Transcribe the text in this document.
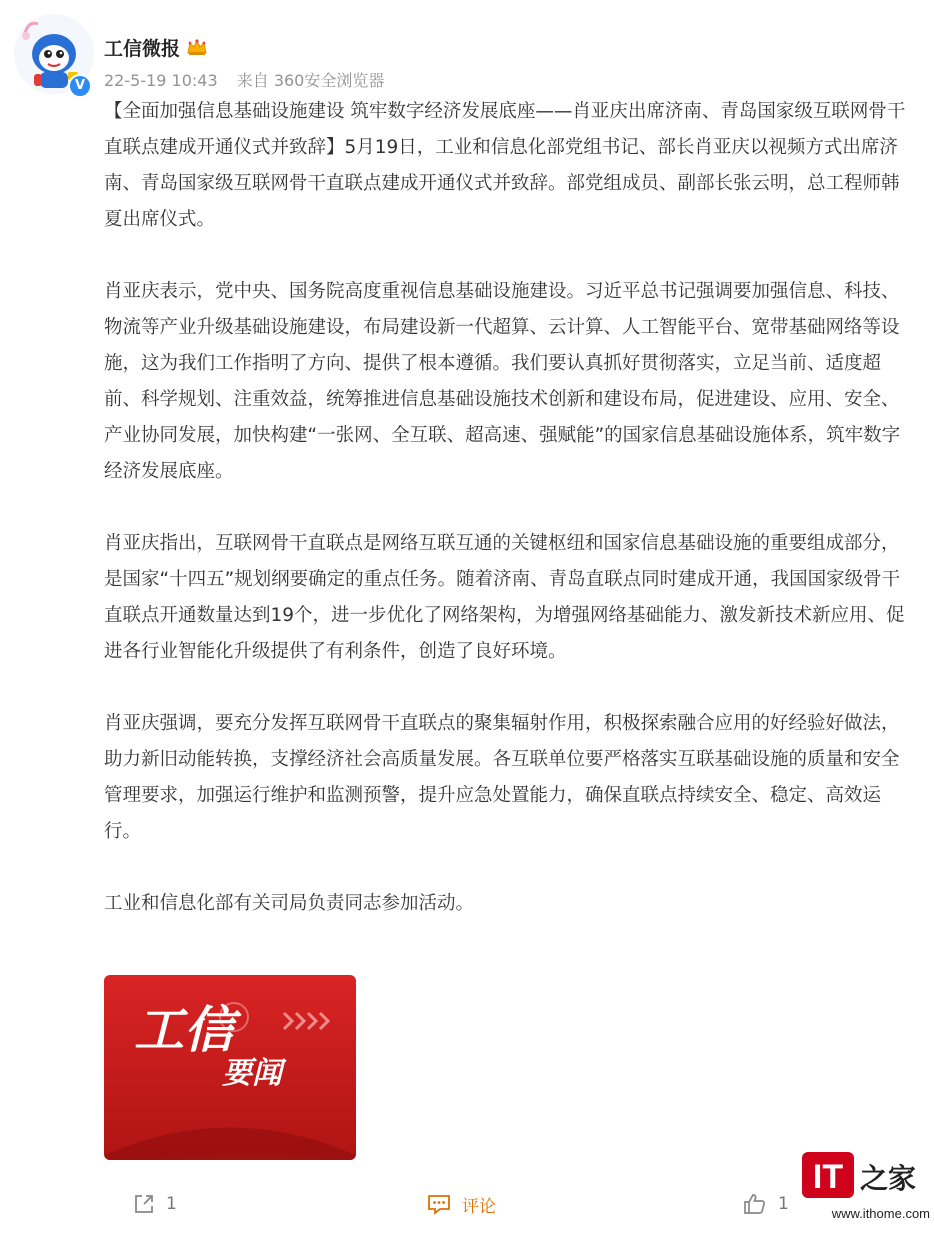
V
工信微报
22-5-19 10:43 来自 360安全浏览器

【全面加强信息基础设施建设 筑牢数字经济发展底座——肖亚庆出席济南、青岛国家级互联网骨干直联点建成开通仪式并致辞】5月19日，工业和信息化部党组书记、部长肖亚庆以视频方式出席济南、青岛国家级互联网骨干直联点建成开通仪式并致辞。部党组成员、副部长张云明，总工程师韩夏出席仪式。

肖亚庆表示，党中央、国务院高度重视信息基础设施建设。习近平总书记强调要加强信息、科技、物流等产业升级基础设施建设，布局建设新一代超算、云计算、人工智能平台、宽带基础网络等设施，这为我们工作指明了方向、提供了根本遵循。我们要认真抓好贯彻落实，立足当前、适度超前、科学规划、注重效益，统筹推进信息基础设施技术创新和建设布局，促进建设、应用、安全、产业协同发展，加快构建“一张网、全互联、超高速、强赋能”的国家信息基础设施体系，筑牢数字经济发展底座。

肖亚庆指出，互联网骨干直联点是网络互联互通的关键枢纽和国家信息基础设施的重要组成部分，是国家“十四五”规划纲要确定的重点任务。随着济南、青岛直联点同时建成开通，我国国家级骨干直联点开通数量达到19个，进一步优化了网络架构，为增强网络基础能力、激发新技术新应用、促进各行业智能化升级提供了有利条件，创造了良好环境。

肖亚庆强调，要充分发挥互联网骨干直联点的聚集辐射作用，积极探索融合应用的好经验好做法，助力新旧动能转换，支撑经济社会高质量发展。各互联单位要严格落实互联基础设施的质量和安全管理要求，加强运行维护和监测预警，提升应急处置能力，确保直联点持续安全、稳定、高效运行。

工业和信息化部有关司局负责同志参加活动。

工信
要闻
1	评论	1
IT 之家
www.ithome.com
